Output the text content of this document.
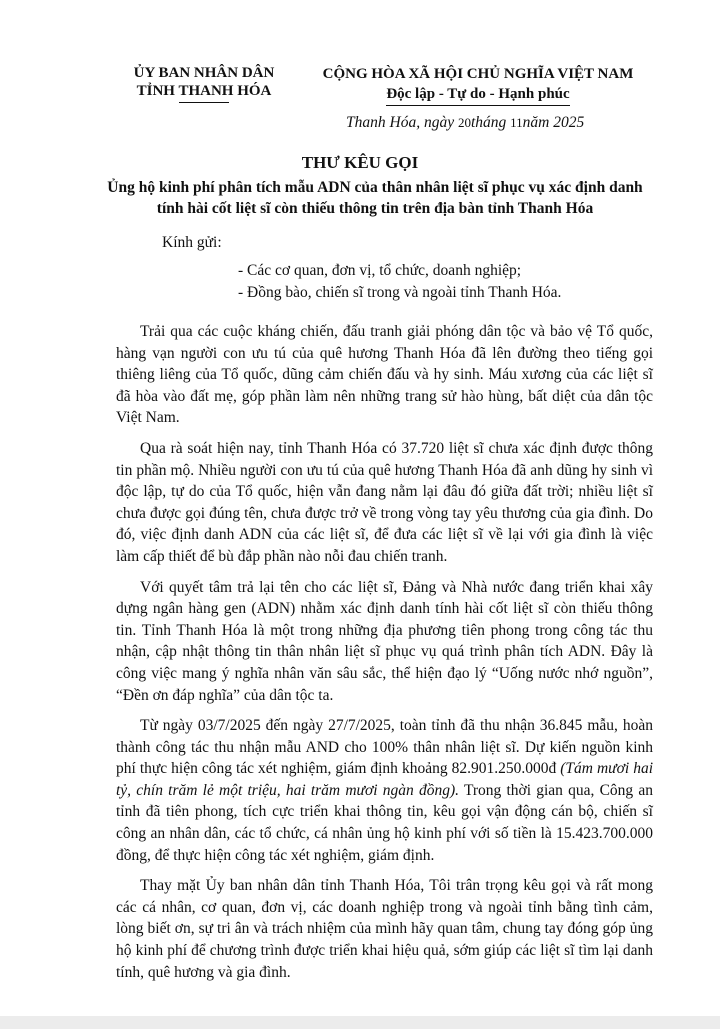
ỦY BAN NHÂN DÂN
TỈNH THANH HÓA
CỘNG HÒA XÃ HỘI CHỦ NGHĨA VIỆT NAM
Độc lập - Tự do - Hạnh phúc
Thanh Hóa, ngày 20tháng 11năm 2025
THƯ KÊU GỌI
Ủng hộ kinh phí phân tích mẫu ADN của thân nhân liệt sĩ phục vụ xác định danh tính hài cốt liệt sĩ còn thiếu thông tin trên địa bàn tỉnh Thanh Hóa
Kính gửi:
- Các cơ quan, đơn vị, tổ chức, doanh nghiệp;
- Đồng bào, chiến sĩ trong và ngoài tỉnh Thanh Hóa.

Trải qua các cuộc kháng chiến, đấu tranh giải phóng dân tộc và bảo vệ Tổ quốc, hàng vạn người con ưu tú của quê hương Thanh Hóa đã lên đường theo tiếng gọi thiêng liêng của Tổ quốc, dũng cảm chiến đấu và hy sinh. Máu xương của các liệt sĩ đã hòa vào đất mẹ, góp phần làm nên những trang sử hào hùng, bất diệt của dân tộc Việt Nam.

Qua rà soát hiện nay, tỉnh Thanh Hóa có 37.720 liệt sĩ chưa xác định được thông tin phần mộ. Nhiều người con ưu tú của quê hương Thanh Hóa đã anh dũng hy sinh vì độc lập, tự do của Tổ quốc, hiện vẫn đang nằm lại đâu đó giữa đất trời; nhiều liệt sĩ chưa được gọi đúng tên, chưa được trở về trong vòng tay yêu thương của gia đình. Do đó, việc định danh ADN của các liệt sĩ, để đưa các liệt sĩ về lại với gia đình là việc làm cấp thiết để bù đắp phần nào nỗi đau chiến tranh.

Với quyết tâm trả lại tên cho các liệt sĩ, Đảng và Nhà nước đang triển khai xây dựng ngân hàng gen (ADN) nhằm xác định danh tính hài cốt liệt sĩ còn thiếu thông tin. Tỉnh Thanh Hóa là một trong những địa phương tiên phong trong công tác thu nhận, cập nhật thông tin thân nhân liệt sĩ phục vụ quá trình phân tích ADN. Đây là công việc mang ý nghĩa nhân văn sâu sắc, thể hiện đạo lý “Uống nước nhớ nguồn”, “Đền ơn đáp nghĩa” của dân tộc ta.

Từ ngày 03/7/2025 đến ngày 27/7/2025, toàn tỉnh đã thu nhận 36.845 mẫu, hoàn thành công tác thu nhận mẫu AND cho 100% thân nhân liệt sĩ. Dự kiến nguồn kinh phí thực hiện công tác xét nghiệm, giám định khoảng 82.901.250.000đ (Tám mươi hai tỷ, chín trăm lẻ một triệu, hai trăm mươi ngàn đồng). Trong thời gian qua, Công an tỉnh đã tiên phong, tích cực triển khai thông tin, kêu gọi vận động cán bộ, chiến sĩ công an nhân dân, các tổ chức, cá nhân ủng hộ kinh phí với số tiền là 15.423.700.000 đồng, để thực hiện công tác xét nghiệm, giám định.

Thay mặt Ủy ban nhân dân tỉnh Thanh Hóa, Tôi trân trọng kêu gọi và rất mong các cá nhân, cơ quan, đơn vị, các doanh nghiệp trong và ngoài tỉnh bằng tình cảm, lòng biết ơn, sự tri ân và trách nhiệm của mình hãy quan tâm, chung tay đóng góp ủng hộ kinh phí để chương trình được triển khai hiệu quả, sớm giúp các liệt sĩ tìm lại danh tính, quê hương và gia đình.
